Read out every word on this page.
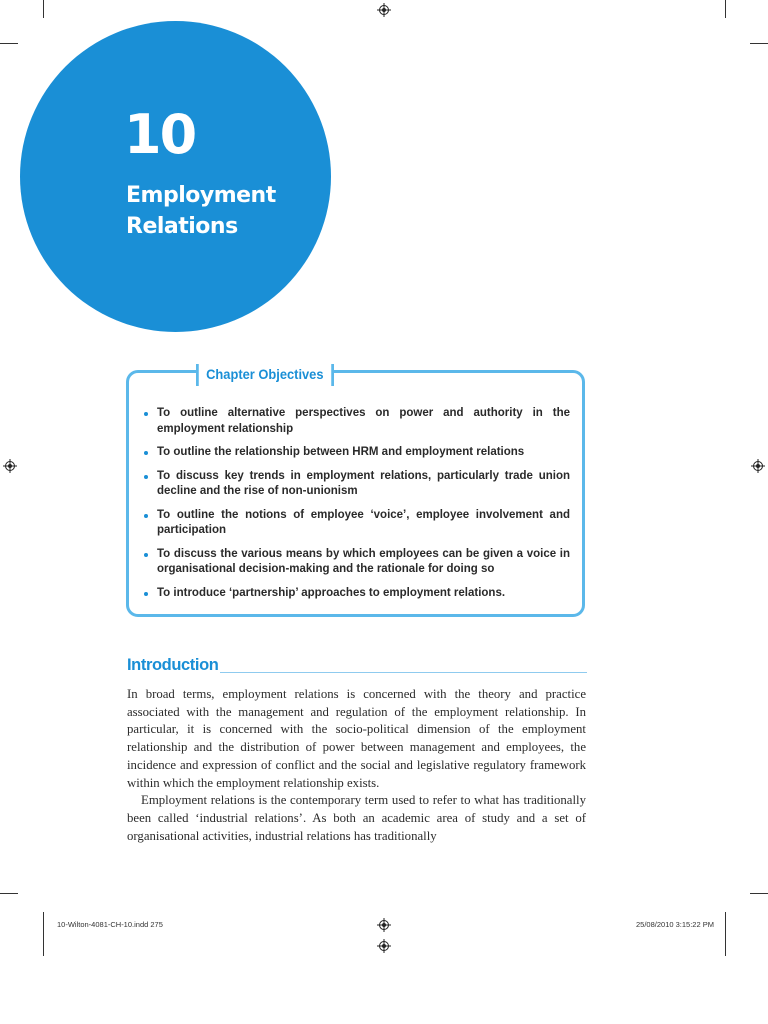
10
Employment
Relations
Chapter Objectives
To outline alternative perspectives on power and authority in the employment relationship
To outline the relationship between HRM and employment relations
To discuss key trends in employment relations, particularly trade union decline and the rise of non-unionism
To outline the notions of employee ‘voice’, employee involvement and participation
To discuss the various means by which employees can be given a voice in organisational decision-making and the rationale for doing so
To introduce ‘partnership’ approaches to employment relations.
Introduction

In broad terms, employment relations is concerned with the theory and practice associated with the management and regulation of the employment relationship. In particular, it is concerned with the socio-political dimension of the employment relationship and the distribution of power between management and employees, the incidence and expression of conflict and the social and legislative regulatory framework within which the employment relationship exists.

Employment relations is the contemporary term used to refer to what has traditionally been called ‘industrial relations’. As both an academic area of study and a set of organisational activities, industrial relations has traditionally

10-Wilton-4081-CH-10.indd 275	25/08/2010 3:15:22 PM
